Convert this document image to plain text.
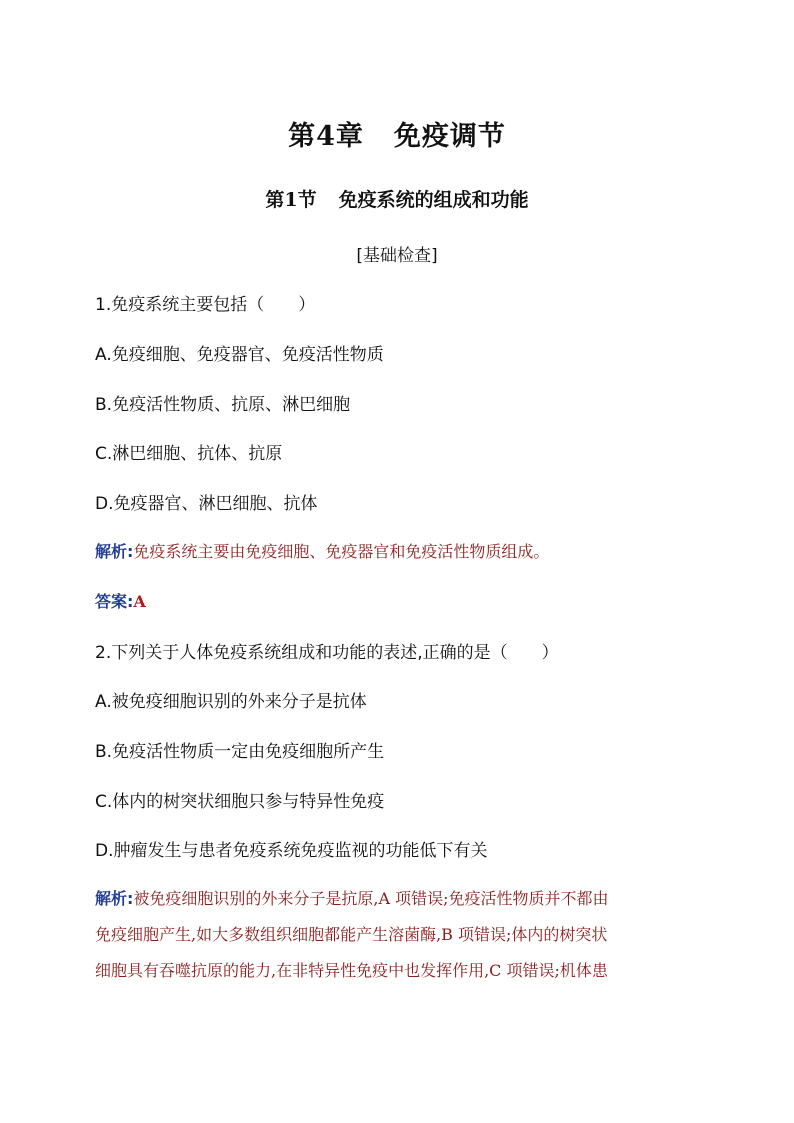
第4章 免疫调节
第1节 免疫系统的组成和功能
[基础检查]
1.免疫系统主要包括（　　）
A.免疫细胞、免疫器官、免疫活性物质
B.免疫活性物质、抗原、淋巴细胞
C.淋巴细胞、抗体、抗原
D.免疫器官、淋巴细胞、抗体
解析:免疫系统主要由免疫细胞、免疫器官和免疫活性物质组成。
答案:A
2.下列关于人体免疫系统组成和功能的表述,正确的是（　　）
A.被免疫细胞识别的外来分子是抗体
B.免疫活性物质一定由免疫细胞所产生
C.体内的树突状细胞只参与特异性免疫
D.肿瘤发生与患者免疫系统免疫监视的功能低下有关
解析:被免疫细胞识别的外来分子是抗原,A 项错误;免疫活性物质并不都由
免疫细胞产生,如大多数组织细胞都能产生溶菌酶,B 项错误;体内的树突状
细胞具有吞噬抗原的能力,在非特异性免疫中也发挥作用,C 项错误;机体患
